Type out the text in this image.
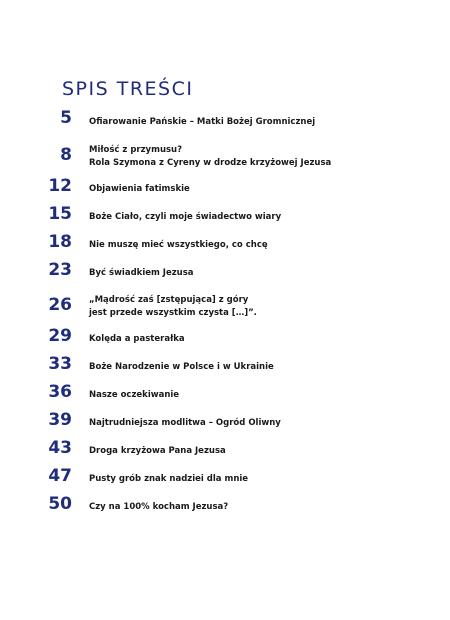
SPIS TREŚCI
5 Ofiarowanie Pańskie – Matki Bożej Gromnicznej
8 Miłość z przymusu?
Rola Szymona z Cyreny w drodze krzyżowej Jezusa
12 Objawienia fatimskie
15 Boże Ciało, czyli moje świadectwo wiary
18 Nie muszę mieć wszystkiego, co chcę
23 Być świadkiem Jezusa
26 „Mądrość zaś [zstępująca] z góry
jest przede wszystkim czysta […]”.
29 Kolęda a pasterałka
33 Boże Narodzenie w Polsce i w Ukrainie
36 Nasze oczekiwanie
39 Najtrudniejsza modlitwa – Ogród Oliwny
43 Droga krzyżowa Pana Jezusa
47 Pusty grób znak nadziei dla mnie
50 Czy na 100% kocham Jezusa?
